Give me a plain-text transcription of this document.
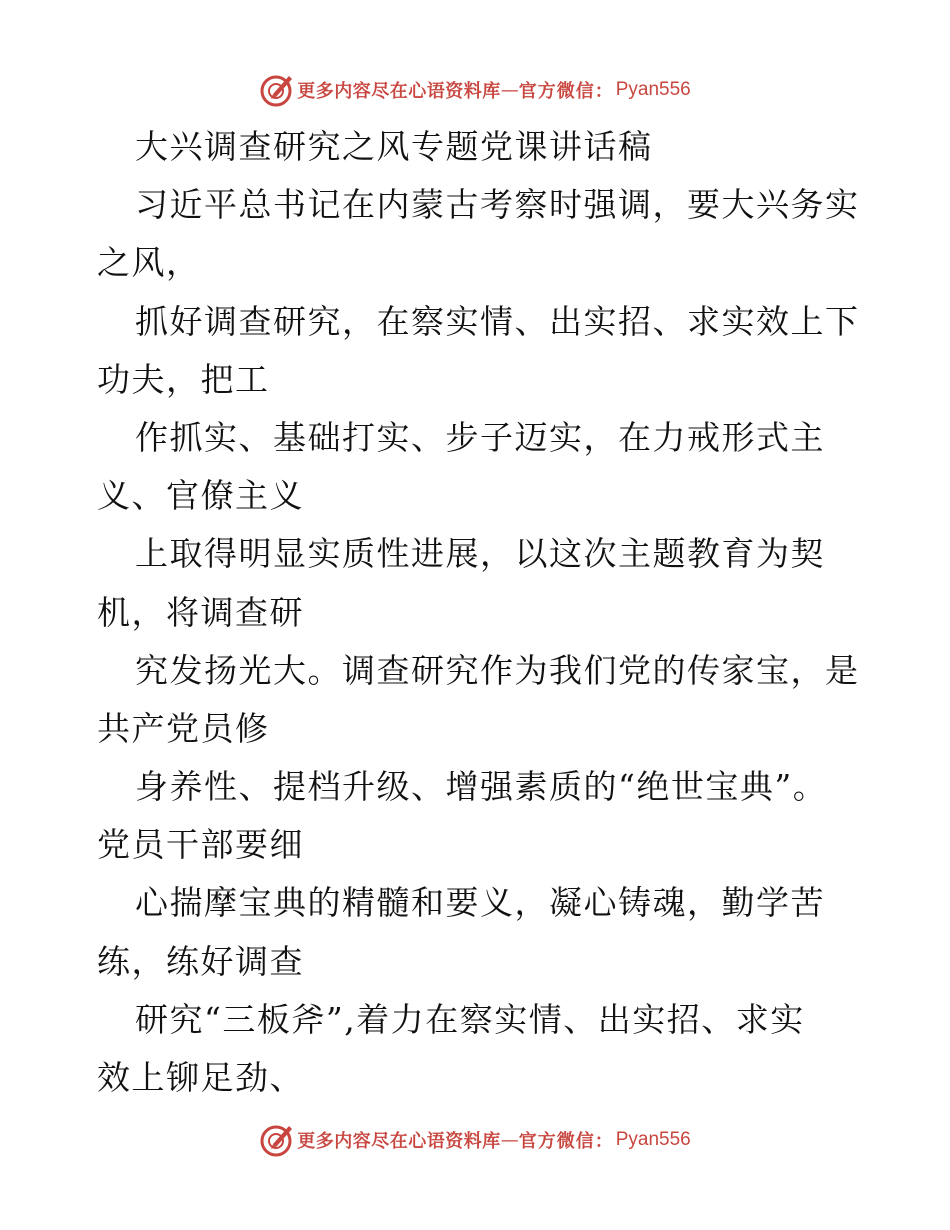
更多内容尽在心语资料库 — 官方微信： Pyan556
大兴调查研究之风专题党课讲话稿
习近平总书记在内蒙古考察时强调，要大兴务实
之风，
抓好调查研究，在察实情、出实招、求实效上下
功夫，把工
作抓实、基础打实、步子迈实，在力戒形式主
义、官僚主义
上取得明显实质性进展，以这次主题教育为契
机，将调查研
究发扬光大。调查研究作为我们党的传家宝，是
共产党员修
身养性、提档升级、增强素质的“绝世宝典”。
党员干部要细
心揣摩宝典的精髓和要义，凝心铸魂，勤学苦
练，练好调查
研究“三板斧”,着力在察实情、出实招、求实
效上铆足劲、
更多内容尽在心语资料库 — 官方微信： Pyan556
